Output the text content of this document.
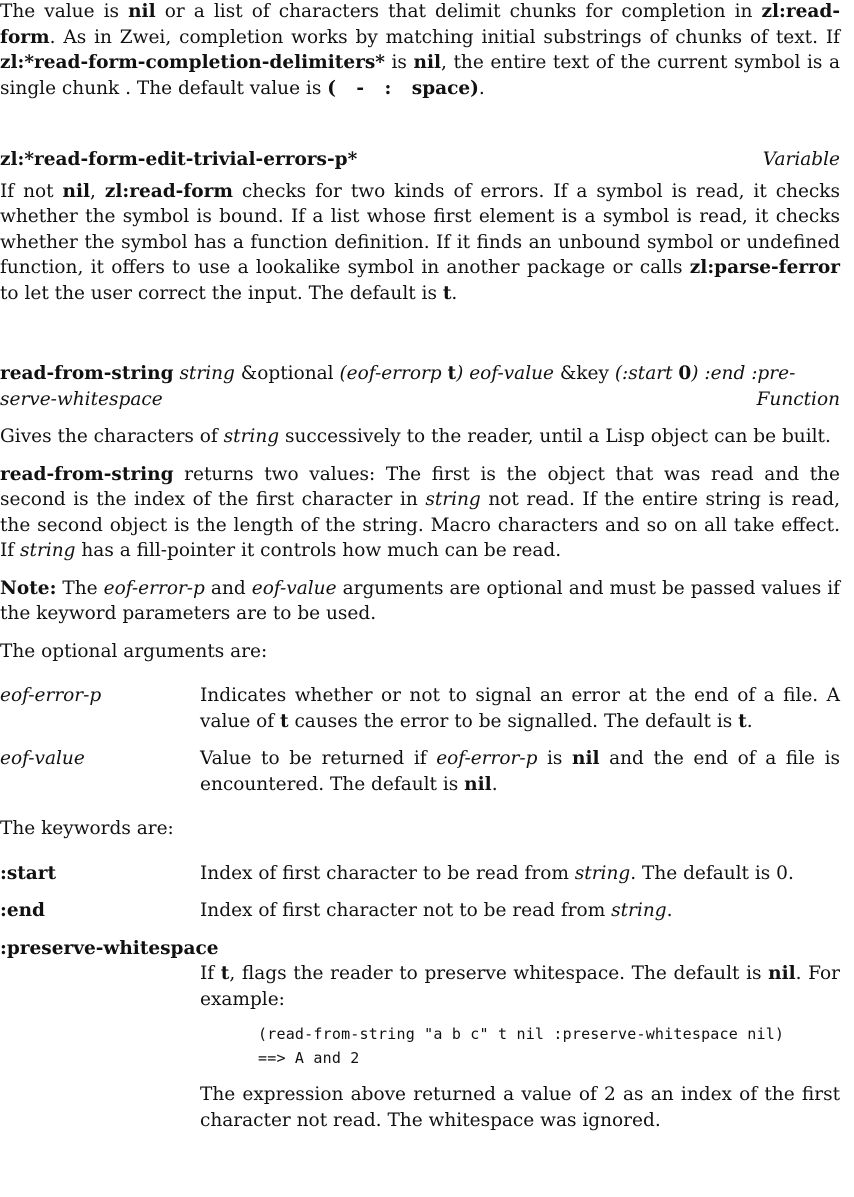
The value is nil or a list of characters that delimit chunks for completion in zl:read-form. As in Zwei, completion works by matching initial substrings of chunks of text. If zl:*read-form-completion-delimiters* is nil, the entire text of the current symbol is a single chunk . The default value is ( - : space).

zl:*read-form-edit-trivial-errors-p*	Variable

If not nil, zl:read-form checks for two kinds of errors. If a symbol is read, it checks whether the symbol is bound. If a list whose first element is a symbol is read, it checks whether the symbol has a function definition. If it finds an unbound symbol or undefined function, it offers to use a lookalike symbol in another package or calls zl:parse-ferror to let the user correct the input. The default is t.

read-from-string string &optional (eof-errorp t) eof-value &key (:start 0) :end :pre-

serve-whitespace	Function

Gives the characters of string successively to the reader, until a Lisp object can be built.

read-from-string returns two values: The first is the object that was read and the second is the index of the first character in string not read. If the entire string is read, the second object is the length of the string. Macro characters and so on all take effect. If string has a fill-pointer it controls how much can be read.

Note: The eof-error-p and eof-value arguments are optional and must be passed values if the keyword parameters are to be used.

The optional arguments are:

eof-error-p	Indicates whether or not to signal an error at the end of a file. A value of t causes the error to be signalled. The default is t.

eof-value	Value to be returned if eof-error-p is nil and the end of a file is encountered. The default is nil.

The keywords are:

:start	Index of first character to be read from string. The default is 0.

:end	Index of first character not to be read from string.

:preserve-whitespace

If t, flags the reader to preserve whitespace. The default is nil. For example:

(read-from-string "a b c" t nil :preserve-whitespace nil)
==> A and 2

The expression above returned a value of 2 as an index of the first character not read. The whitespace was ignored.
